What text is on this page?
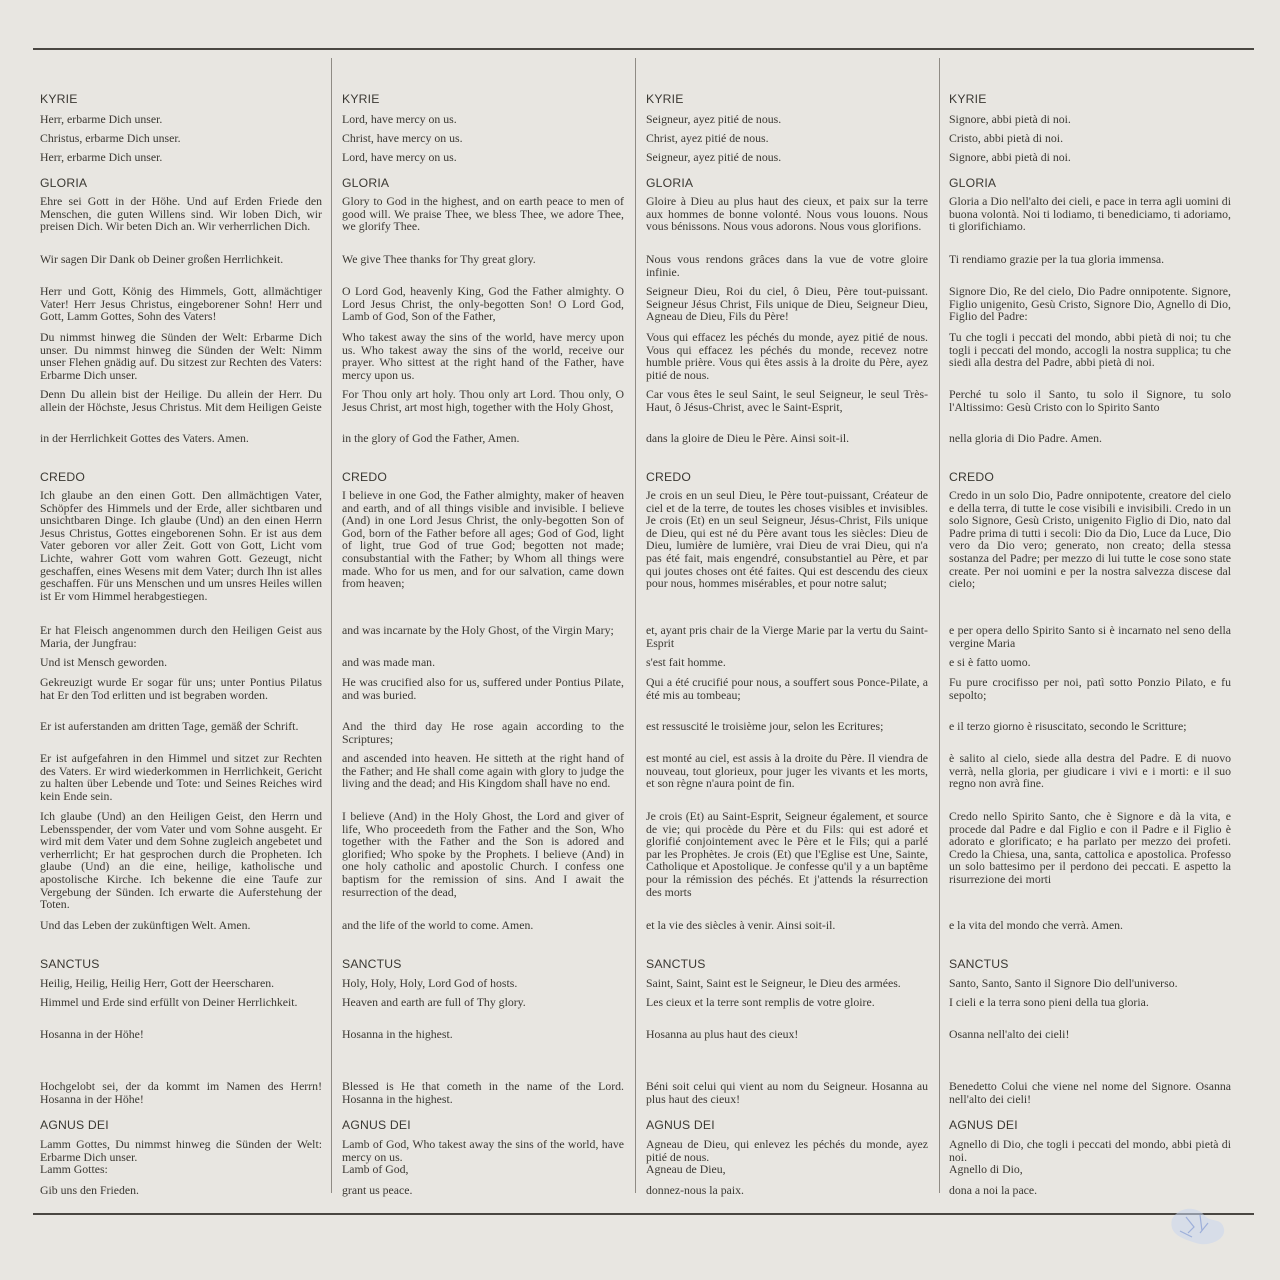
KYRIE

Herr, erbarme Dich unser.

Christus, erbarme Dich unser.

Herr, erbarme Dich unser.

GLORIA

Ehre sei Gott in der Höhe. Und auf Erden Friede den Menschen, die guten Willens sind. Wir loben Dich, wir preisen Dich. Wir beten Dich an. Wir verherrlichen Dich.

Wir sagen Dir Dank ob Deiner großen Herrlichkeit.

Herr und Gott, König des Himmels, Gott, allmächtiger Vater! Herr Jesus Christus, eingeborener Sohn! Herr und Gott, Lamm Gottes, Sohn des Vaters!

Du nimmst hinweg die Sünden der Welt: Erbarme Dich unser. Du nimmst hinweg die Sünden der Welt: Nimm unser Flehen gnädig auf. Du sitzest zur Rechten des Vaters: Erbarme Dich unser.

Denn Du allein bist der Heilige. Du allein der Herr. Du allein der Höchste, Jesus Christus. Mit dem Heiligen Geiste

in der Herrlichkeit Gottes des Vaters. Amen.

CREDO

Ich glaube an den einen Gott. Den allmächtigen Vater, Schöpfer des Himmels und der Erde, aller sichtbaren und unsichtbaren Dinge. Ich glaube (Und) an den einen Herrn Jesus Christus, Gottes eingeborenen Sohn. Er ist aus dem Vater geboren vor aller Zeit. Gott von Gott, Licht vom Lichte, wahrer Gott vom wahren Gott. Gezeugt, nicht geschaffen, eines Wesens mit dem Vater; durch Ihn ist alles geschaffen. Für uns Menschen und um unsres Heiles willen ist Er vom Himmel herabgestiegen.

Er hat Fleisch angenommen durch den Heiligen Geist aus Maria, der Jungfrau:

Und ist Mensch geworden.

Gekreuzigt wurde Er sogar für uns; unter Pontius Pilatus hat Er den Tod erlitten und ist begraben worden.

Er ist auferstanden am dritten Tage, gemäß der Schrift.

Er ist aufgefahren in den Himmel und sitzet zur Rechten des Vaters. Er wird wiederkommen in Herrlichkeit, Gericht zu halten über Lebende und Tote: und Seines Reiches wird kein Ende sein.

Ich glaube (Und) an den Heiligen Geist, den Herrn und Lebensspender, der vom Vater und vom Sohne ausgeht. Er wird mit dem Vater und dem Sohne zugleich angebetet und verherrlicht; Er hat gesprochen durch die Propheten. Ich glaube (Und) an die eine, heilige, katholische und apostolische Kirche. Ich bekenne die eine Taufe zur Vergebung der Sünden. Ich erwarte die Auferstehung der Toten.

Und das Leben der zukünftigen Welt. Amen.

SANCTUS

Heilig, Heilig, Heilig Herr, Gott der Heerscharen.

Himmel und Erde sind erfüllt von Deiner Herrlichkeit.

Hosanna in der Höhe!

Hochgelobt sei, der da kommt im Namen des Herrn! Hosanna in der Höhe!

AGNUS DEI

Lamm Gottes, Du nimmst hinweg die Sünden der Welt: Erbarme Dich unser.

Lamm Gottes:

Gib uns den Frieden.

KYRIE

Lord, have mercy on us.

Christ, have mercy on us.

Lord, have mercy on us.

GLORIA

Glory to God in the highest, and on earth peace to men of good will. We praise Thee, we bless Thee, we adore Thee, we glorify Thee.

We give Thee thanks for Thy great glory.

O Lord God, heavenly King, God the Father almighty. O Lord Jesus Christ, the only-begotten Son! O Lord God, Lamb of God, Son of the Father,

Who takest away the sins of the world, have mercy upon us. Who takest away the sins of the world, receive our prayer. Who sittest at the right hand of the Father, have mercy upon us.

For Thou only art holy. Thou only art Lord. Thou only, O Jesus Christ, art most high, together with the Holy Ghost,

in the glory of God the Father, Amen.

CREDO

I believe in one God, the Father almighty, maker of heaven and earth, and of all things visible and invisible. I believe (And) in one Lord Jesus Christ, the only-begotten Son of God, born of the Father before all ages; God of God, light of light, true God of true God; begotten not made; consubstantial with the Father; by Whom all things were made. Who for us men, and for our salvation, came down from heaven;

and was incarnate by the Holy Ghost, of the Virgin Mary;

and was made man.

He was crucified also for us, suffered under Pontius Pilate, and was buried.

And the third day He rose again according to the Scriptures;

and ascended into heaven. He sitteth at the right hand of the Father; and He shall come again with glory to judge the living and the dead; and His Kingdom shall have no end.

I believe (And) in the Holy Ghost, the Lord and giver of life, Who proceedeth from the Father and the Son, Who together with the Father and the Son is adored and glorified; Who spoke by the Prophets. I believe (And) in one holy catholic and apostolic Church. I confess one baptism for the remission of sins. And I await the resurrection of the dead,

and the life of the world to come. Amen.

SANCTUS

Holy, Holy, Holy, Lord God of hosts.

Heaven and earth are full of Thy glory.

Hosanna in the highest.

Blessed is He that cometh in the name of the Lord. Hosanna in the highest.

AGNUS DEI

Lamb of God, Who takest away the sins of the world, have mercy on us.

Lamb of God,

grant us peace.

KYRIE

Seigneur, ayez pitié de nous.

Christ, ayez pitié de nous.

Seigneur, ayez pitié de nous.

GLORIA

Gloire à Dieu au plus haut des cieux, et paix sur la terre aux hommes de bonne volonté. Nous vous louons. Nous vous bénissons. Nous vous adorons. Nous vous glorifions.

Nous vous rendons grâces dans la vue de votre gloire infinie.

Seigneur Dieu, Roi du ciel, ô Dieu, Père tout-puissant. Seigneur Jésus Christ, Fils unique de Dieu, Seigneur Dieu, Agneau de Dieu, Fils du Père!

Vous qui effacez les péchés du monde, ayez pitié de nous. Vous qui effacez les péchés du monde, recevez notre humble prière. Vous qui êtes assis à la droite du Père, ayez pitié de nous.

Car vous êtes le seul Saint, le seul Seigneur, le seul Très-Haut, ô Jésus-Christ, avec le Saint-Esprit,

dans la gloire de Dieu le Père. Ainsi soit-il.

CREDO

Je crois en un seul Dieu, le Père tout-puissant, Créateur de ciel et de la terre, de toutes les choses visibles et invisibles. Je crois (Et) en un seul Seigneur, Jésus-Christ, Fils unique de Dieu, qui est né du Père avant tous les siècles: Dieu de Dieu, lumière de lumière, vrai Dieu de vrai Dieu, qui n'a pas été fait, mais engendré, consubstantiel au Père, et par qui joutes choses ont été faites. Qui est descendu des cieux pour nous, hommes misérables, et pour notre salut;

et, ayant pris chair de la Vierge Marie par la vertu du Saint-Esprit

s'est fait homme.

Qui a été crucifié pour nous, a souffert sous Ponce-Pilate, a été mis au tombeau;

est ressuscité le troisième jour, selon les Ecritures;

est monté au ciel, est assis à la droite du Père. Il viendra de nouveau, tout glorieux, pour juger les vivants et les morts, et son règne n'aura point de fin.

Je crois (Et) au Saint-Esprit, Seigneur également, et source de vie; qui procède du Père et du Fils: qui est adoré et glorifié conjointement avec le Père et le Fils; qui a parlé par les Prophètes. Je crois (Et) que l'Eglise est Une, Sainte, Catholique et Apostolique. Je confesse qu'il y a un baptême pour la rémission des péchés. Et j'attends la résurrection des morts

et la vie des siècles à venir. Ainsi soit-il.

SANCTUS

Saint, Saint, Saint est le Seigneur, le Dieu des armées.

Les cieux et la terre sont remplis de votre gloire.

Hosanna au plus haut des cieux!

Béni soit celui qui vient au nom du Seigneur. Hosanna au plus haut des cieux!

AGNUS DEI

Agneau de Dieu, qui enlevez les péchés du monde, ayez pitié de nous.

Agneau de Dieu,

donnez-nous la paix.

KYRIE

Signore, abbi pietà di noi.

Cristo, abbi pietà di noi.

Signore, abbi pietà di noi.

GLORIA

Gloria a Dio nell'alto dei cieli, e pace in terra agli uomini di buona volontà. Noi ti lodiamo, ti benediciamo, ti adoriamo, ti glorifichiamo.

Ti rendiamo grazie per la tua gloria immensa.

Signore Dio, Re del cielo, Dio Padre onnipotente. Signore, Figlio unigenito, Gesù Cristo, Signore Dio, Agnello di Dio, Figlio del Padre:

Tu che togli i peccati del mondo, abbi pietà di noi; tu che togli i peccati del mondo, accogli la nostra supplica; tu che siedi alla destra del Padre, abbi pietà di noi.

Perché tu solo il Santo, tu solo il Signore, tu solo l'Altissimo: Gesù Cristo con lo Spirito Santo

nella gloria di Dio Padre. Amen.

CREDO

Credo in un solo Dio, Padre onnipotente, creatore del cielo e della terra, di tutte le cose visibili e invisibili. Credo in un solo Signore, Gesù Cristo, unigenito Figlio di Dio, nato dal Padre prima di tutti i secoli: Dio da Dio, Luce da Luce, Dio vero da Dio vero; generato, non creato; della stessa sostanza del Padre; per mezzo di lui tutte le cose sono state create. Per noi uomini e per la nostra salvezza discese dal cielo;

e per opera dello Spirito Santo si è incarnato nel seno della vergine Maria

e si è fatto uomo.

Fu pure crocifisso per noi, patì sotto Ponzio Pilato, e fu sepolto;

e il terzo giorno è risuscitato, secondo le Scritture;

è salito al cielo, siede alla destra del Padre. E di nuovo verrà, nella gloria, per giudicare i vivi e i morti: e il suo regno non avrà fine.

Credo nello Spirito Santo, che è Signore e dà la vita, e procede dal Padre e dal Figlio e con il Padre e il Figlio è adorato e glorificato; e ha parlato per mezzo dei profeti. Credo la Chiesa, una, santa, cattolica e apostolica. Professo un solo battesimo per il perdono dei peccati. E aspetto la risurrezione dei morti

e la vita del mondo che verrà. Amen.

SANCTUS

Santo, Santo, Santo il Signore Dio dell'universo.

I cieli e la terra sono pieni della tua gloria.

Osanna nell'alto dei cieli!

Benedetto Colui che viene nel nome del Signore. Osanna nell'alto dei cieli!

AGNUS DEI

Agnello di Dio, che togli i peccati del mondo, abbi pietà di noi.

Agnello di Dio,

dona a noi la pace.
